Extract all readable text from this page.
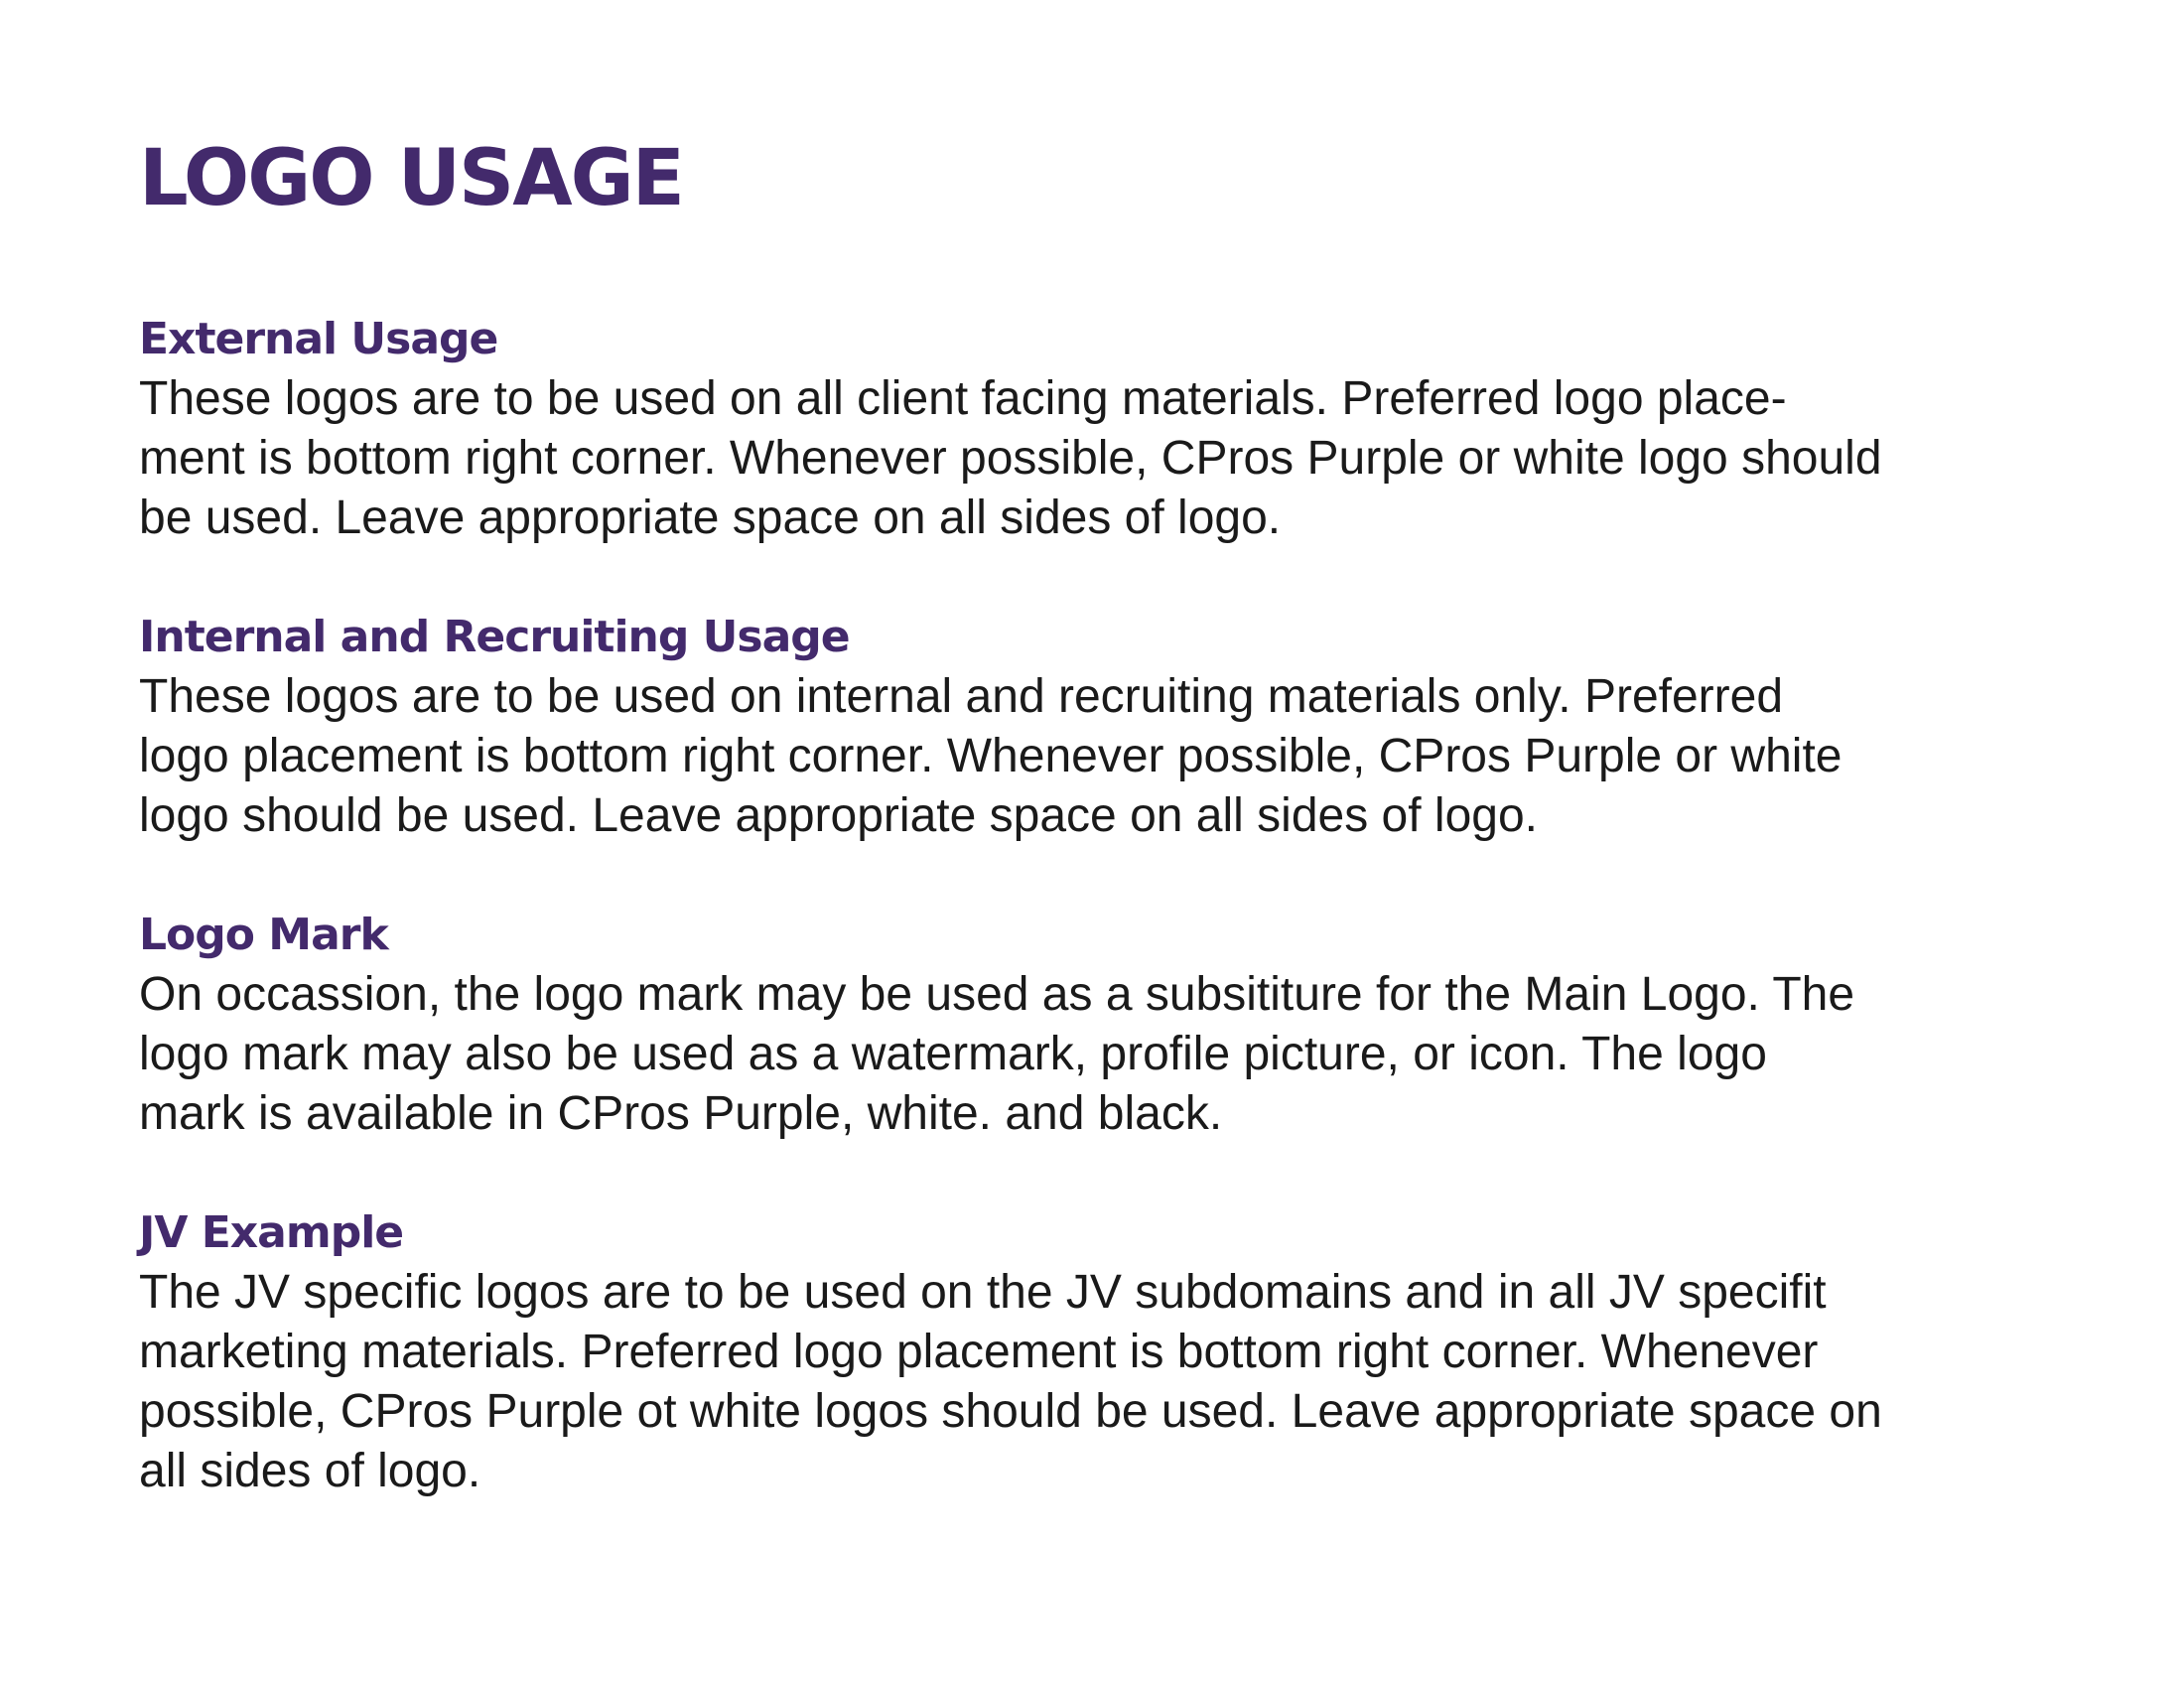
LOGO USAGE
External Usage

These logos are to be used on all client facing materials. Preferred logo place-
ment is bottom right corner. Whenever possible, CPros Purple or white logo should
be used. Leave appropriate space on all sides of logo.

Internal and Recruiting Usage

These logos are to be used on internal and recruiting materials only. Preferred
logo placement is bottom right corner. Whenever possible, CPros Purple or white
logo should be used. Leave appropriate space on all sides of logo.

Logo Mark

On occassion, the logo mark may be used as a subsititure for the Main Logo. The
logo mark may also be used as a watermark, profile picture, or icon. The logo
mark is available in CPros Purple, white. and black.

JV Example

The JV specific logos are to be used on the JV subdomains and in all JV specifit
marketing materials. Preferred logo placement is bottom right corner. Whenever
possible, CPros Purple ot white logos should be used. Leave appropriate space on
all sides of logo.
